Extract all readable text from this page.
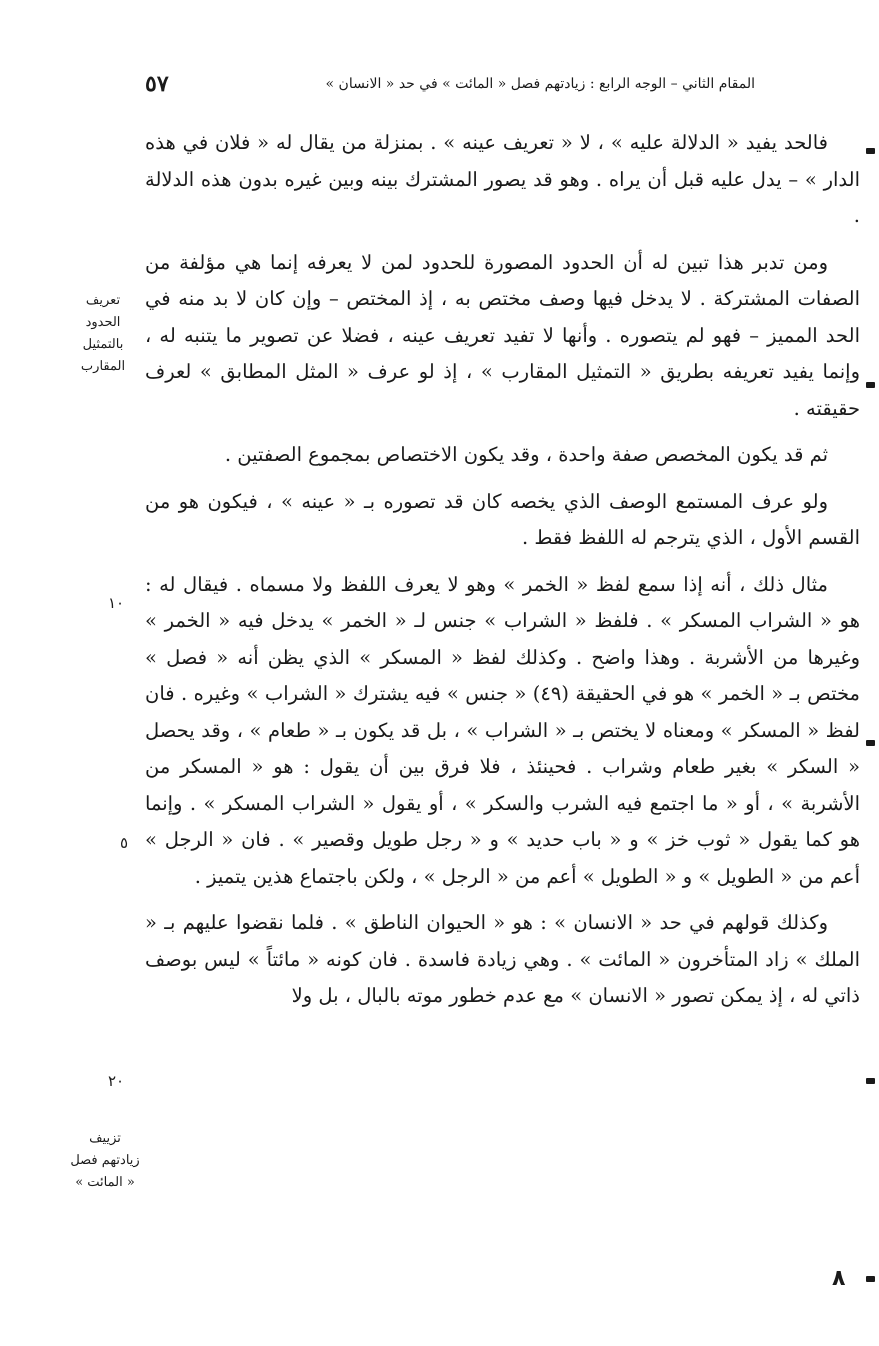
المقام الثاني – الوجه الرابع : زيادتهم فصل « المائت » في حد « الانسان »
٥٧

فالحد يفيد « الدلالة عليه » ، لا « تعريف عينه » . بمنزلة من يقال له « فلان في هذه الدار » – يدل عليه قبل أن يراه . وهو قد يصور المشترك بينه وبين غيره بدون هذه الدلالة .

ومن تدبر هذا تبين له أن الحدود المصورة للحدود لمن لا يعرفه إنما هي مؤلفة من الصفات المشتركة . لا يدخل فيها وصف مختص به ، إذ المختص – وإن كان لا بد منه في الحد المميز – فهو لم يتصوره . وأنها لا تفيد تعريف عينه ، فضلا عن تصوير ما يتنبه له ، وإنما يفيد تعريفه بطريق « التمثيل المقارب » ، إذ لو عرف « المثل المطابق » لعرف حقيقته .

ثم قد يكون المخصص صفة واحدة ، وقد يكون الاختصاص بمجموع الصفتين .

ولو عرف المستمع الوصف الذي يخصه كان قد تصوره بـ « عينه » ، فيكون هو من القسم الأول ، الذي يترجم له اللفظ فقط .

مثال ذلك ، أنه إذا سمع لفظ « الخمر » وهو لا يعرف اللفظ ولا مسماه . فيقال له : هو « الشراب المسكر » . فلفظ « الشراب » جنس لـ « الخمر » يدخل فيه « الخمر » وغيرها من الأشربة . وهذا واضح . وكذلك لفظ « المسكر » الذي يظن أنه « فصل » مختص بـ « الخمر » هو في الحقيقة (٤٩) « جنس » فيه يشترك « الشراب » وغيره . فان لفظ « المسكر » ومعناه لا يختص بـ « الشراب » ، بل قد يكون بـ « طعام » ، وقد يحصل « السكر » بغير طعام وشراب . فحينئذ ، فلا فرق بين أن يقول : هو « المسكر من الأشربة » ، أو « ما اجتمع فيه الشرب والسكر » ، أو يقول « الشراب المسكر » . وإنما هو كما يقول « ثوب خز » و « باب حديد » و « رجل طويل وقصير » . فان « الرجل » أعم من « الطويل » و « الطويل » أعم من « الرجل » ، ولكن باجتماع هذين يتميز .

وكذلك قولهم في حد « الانسان » : هو « الحيوان الناطق » . فلما نقضوا عليهم بـ « الملك » زاد المتأخرون « المائت » . وهي زيادة فاسدة . فان كونه « مائتاً » ليس بوصف ذاتي له ، إذ يمكن تصور « الانسان » مع عدم خطور موته بالبال ، بل ولا

تعريف الحدود بالتمثيل المقارب
تزييف زيادتهم فصل « المائت »
١٠
٥
٢٠
٨
